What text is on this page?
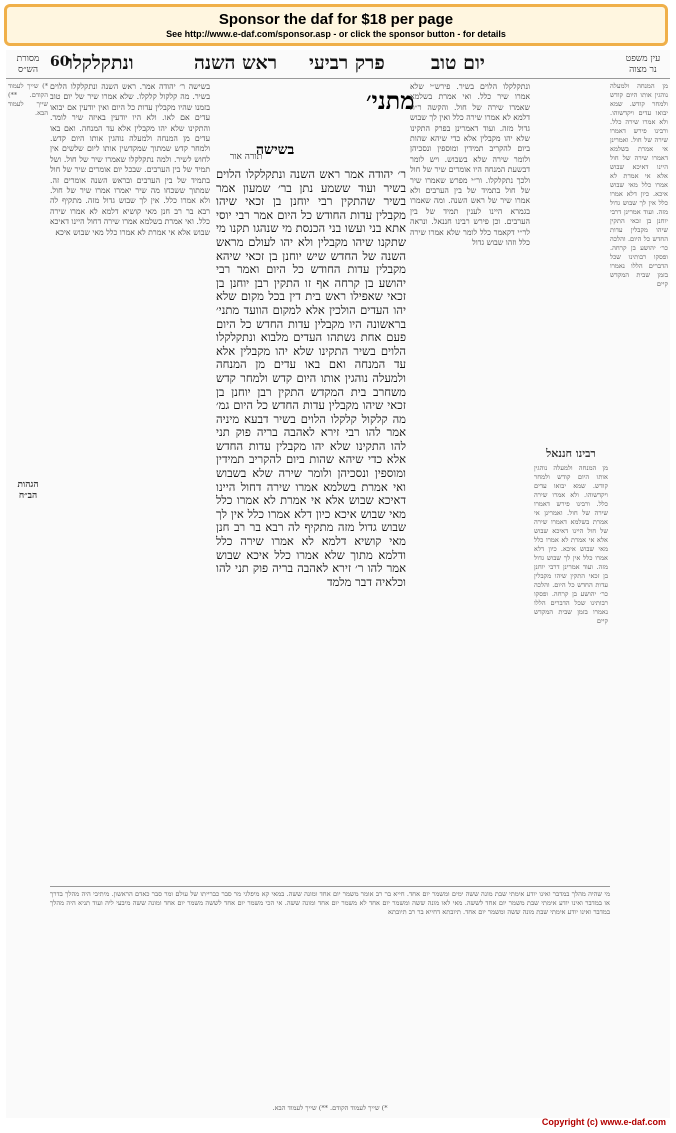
Sponsor the daf for $18 per page
See http://www.e-daf.com/sponsor.asp - or click the sponsor button - for details
60	יום טוב
פרק רביעי
ראש השנה
ונתקלקלו	עין משפט
נר מצוה
מסורת
הש״ס
מן המנחה ולמעלה נוהגין אותו היום קודש ולמחר קודש. שמא יבואו עדים ויקדשוהו. ולא אמרו שירה כלל. ורבינו פירש דאמרו שירה של חול. ואמרינן אי אמרת בשלמא דאמרו שירה של חול היינו דאיכא שבוש אלא אי אמרת לא אמרו כלל מאי שבוש איכא. כיון דלא אמרו כלל אין לך שבוש גדול מזה. ועוד אמרינן דרבי יוחנן בן זכאי התקין שיהו מקבלין עדות החדש כל היום. והלכה כר׳ יהושע בן קרחה. ופסקו רבותינו שכל הדברים הללו נאמרו בזמן שבית המקדש קיים
רבינו חננאל
מן המנחה ולמעלה נוהגין אותו היום קודש ולמחר קודש. שמא יבואו עדים ויקדשוהו. ולא אמרו שירה כלל. ורבינו פירש דאמרו שירה של חול. ואמרינן אי אמרת בשלמא דאמרו שירה של חול היינו דאיכא שבוש אלא אי אמרת לא אמרו כלל מאי שבוש איכא. כיון דלא אמרו כלל אין לך שבוש גדול מזה. ועוד אמרינן דרבי יוחנן בן זכאי התקין שיהו מקבלין עדות החדש כל היום. והלכה כר׳ יהושע בן קרחה. ופסקו רבותינו שכל הדברים הללו נאמרו בזמן שבית המקדש קיים
*) שייך לעמוד הקודם. **) שייך לעמוד הבא.
הגהות
הב״ח
בשישה ר׳ יהודה אמר. ראש השנה ונתקלקלו הלוים בשיר. מה קלקול קלקלו. שלא אמרו שיר של יום טוב בזמנו שהיו מקבלין עדות כל היום ואין יודעין אם יבואו עדים אם לאו. ולא היו יודעין באיזה שיר לומר. והתקינו שלא יהו מקבלין אלא עד המנחה. ואם באו עדים מן המנחה ולמעלה נוהגין אותו היום קדש. ולמחר קדש שמתוך שמקדשין אותו ליום שלשים אין לחוש לשיר. ולמה נתקלקלו שאמרו שיר של חול. ושל תמיד של בין הערבים. שבכל יום אומרים שיר של חול בתמיד של בין הערבים ובראש השנה אומרים זה. שמתוך ששכחו מה שיר יאמרו אמרו שיר של חול. ולא אמרו כלל. אין לך שבוש גדול מזה. מתקיף לה רבא בר רב חנן מאי קושיא דלמא לא אמרו שירה כלל. ואי אמרת בשלמא אמרו שירה דחול היינו דאיכא שבוש אלא אי אמרת לא אמרו כלל מאי שבוש איכא
מתני׳
בשישה
ר׳ יהודה אמר ראש השנה ונתקלקלו הלוים בשיר ועוד ששמע נתן בר׳ שמעון אמר בשיר שהתקין רבי יוחנן בן זכאי שיהו מקבלין עדות החודש כל היום אמר רבי יוסי אתא בני ועשו בני הכנסת מי שנהגו תקנו מי שתקנו שיהו מקבלין ולא יהו לעולם מראש השנה של החדש שיש יוחנן בן זכאי שיהא מקבלין עדות החודש כל היום ואמר רבי יהושע בן קרחה אף זו התקין רבן יוחנן בן זכאי שאפילו ראש בית דין בכל מקום שלא יהו העדים הולכין אלא למקום הוועד מתני׳ בראשונה היו מקבלין עדות החדש כל היום פעם אחת נשתהו העדים מלבוא ונתקלקלו הלוים בשיר התקינו שלא יהו מקבלין אלא עד המנחה ואם באו עדים מן המנחה ולמעלה נוהגין אותו היום קדש ולמחר קדש משחרב בית המקדש התקין רבן יוחנן בן זכאי שיהו מקבלין עדות החדש כל היום גמ׳ מה קלקול קלקלו הלוים בשיר דבעא מיניה אמר להו רבי זירא לאהבה בריה פוק תני להו התקינו שלא יהו מקבלין עדות החדש אלא כדי שיהא שהות ביום להקריב תמידין ומוספין ונסכיהן ולומר שירה שלא בשבוש ואי אמרת בשלמא אמרו שירה דחול היינו דאיכא שבוש אלא אי אמרת לא אמרו כלל מאי שבוש איכא כיון דלא אמרו כלל אין לך שבוש גדול מזה מתקיף לה רבא בר רב חנן מאי קושיא דלמא לא אמרו שירה כלל ודלמא מתוך שלא אמרו כלל איכא שבוש אמר להו ר׳ זירא לאהבה בריה פוק תני להו וכלאיה דבר מלמד
תורה אור
ונתקלקלו הלוים בשיר. פירש״י שלא אמרו שיר כלל. ואי אמרת בשלמא שאמרו שירה של חול. והקשה ר״ת דלמא לא אמרו שירה כלל ואין לך שבוש גדול מזה. ועוד דאמרינן בפרק התקינו שלא יהו מקבלין אלא כדי שיהא שהות ביום להקריב תמידין ומוספין ונסכיהן ולומר שירה שלא בשבוש. ויש לומר דבשעת המנחה היו אומרים שיר של חול ולכך נתקלקלו. ור״י מפרש שאמרו שיר של חול בתמיד של בין הערבים ולא אמרו שיר של ראש השנה. ומה שאמרו בגמרא היינו לענין תמיד של בין הערבים. וכן פירש רבינו חננאל. ונראה לר״י דקאמר כלל לומר שלא אמרו שירה כלל וזהו שבוש גדול
מי שהיה מהלך במדבר ואינו יודע אימתי שבת מונה ששה ימים ומשמר יום אחד. חייא בר רב אומר משמר יום אחד ומונה ששה. במאי קא מיפלגי מר סבר כברייתו של עולם ומר סבר כאדם הראשון. מיתיבי היה מהלך בדרך או במדבר ואינו יודע אימתי שבת משמר יום אחד לששה. מאי לאו מונה ששה ומשמר יום אחד לא משמר יום אחד ומונה ששה. אי הכי משמר יום אחד לששה משמר יום אחד ומונה ששה מיבעי ליה ועוד תניא היה מהלך במדבר ואינו יודע אימתי שבת מונה ששה ומשמר יום אחד. תיובתא דחייא בר רב תיובתא
*) שייך לעמוד הקודם. **) שייך לעמוד הבא.
Copyright (c) www.e-daf.com
